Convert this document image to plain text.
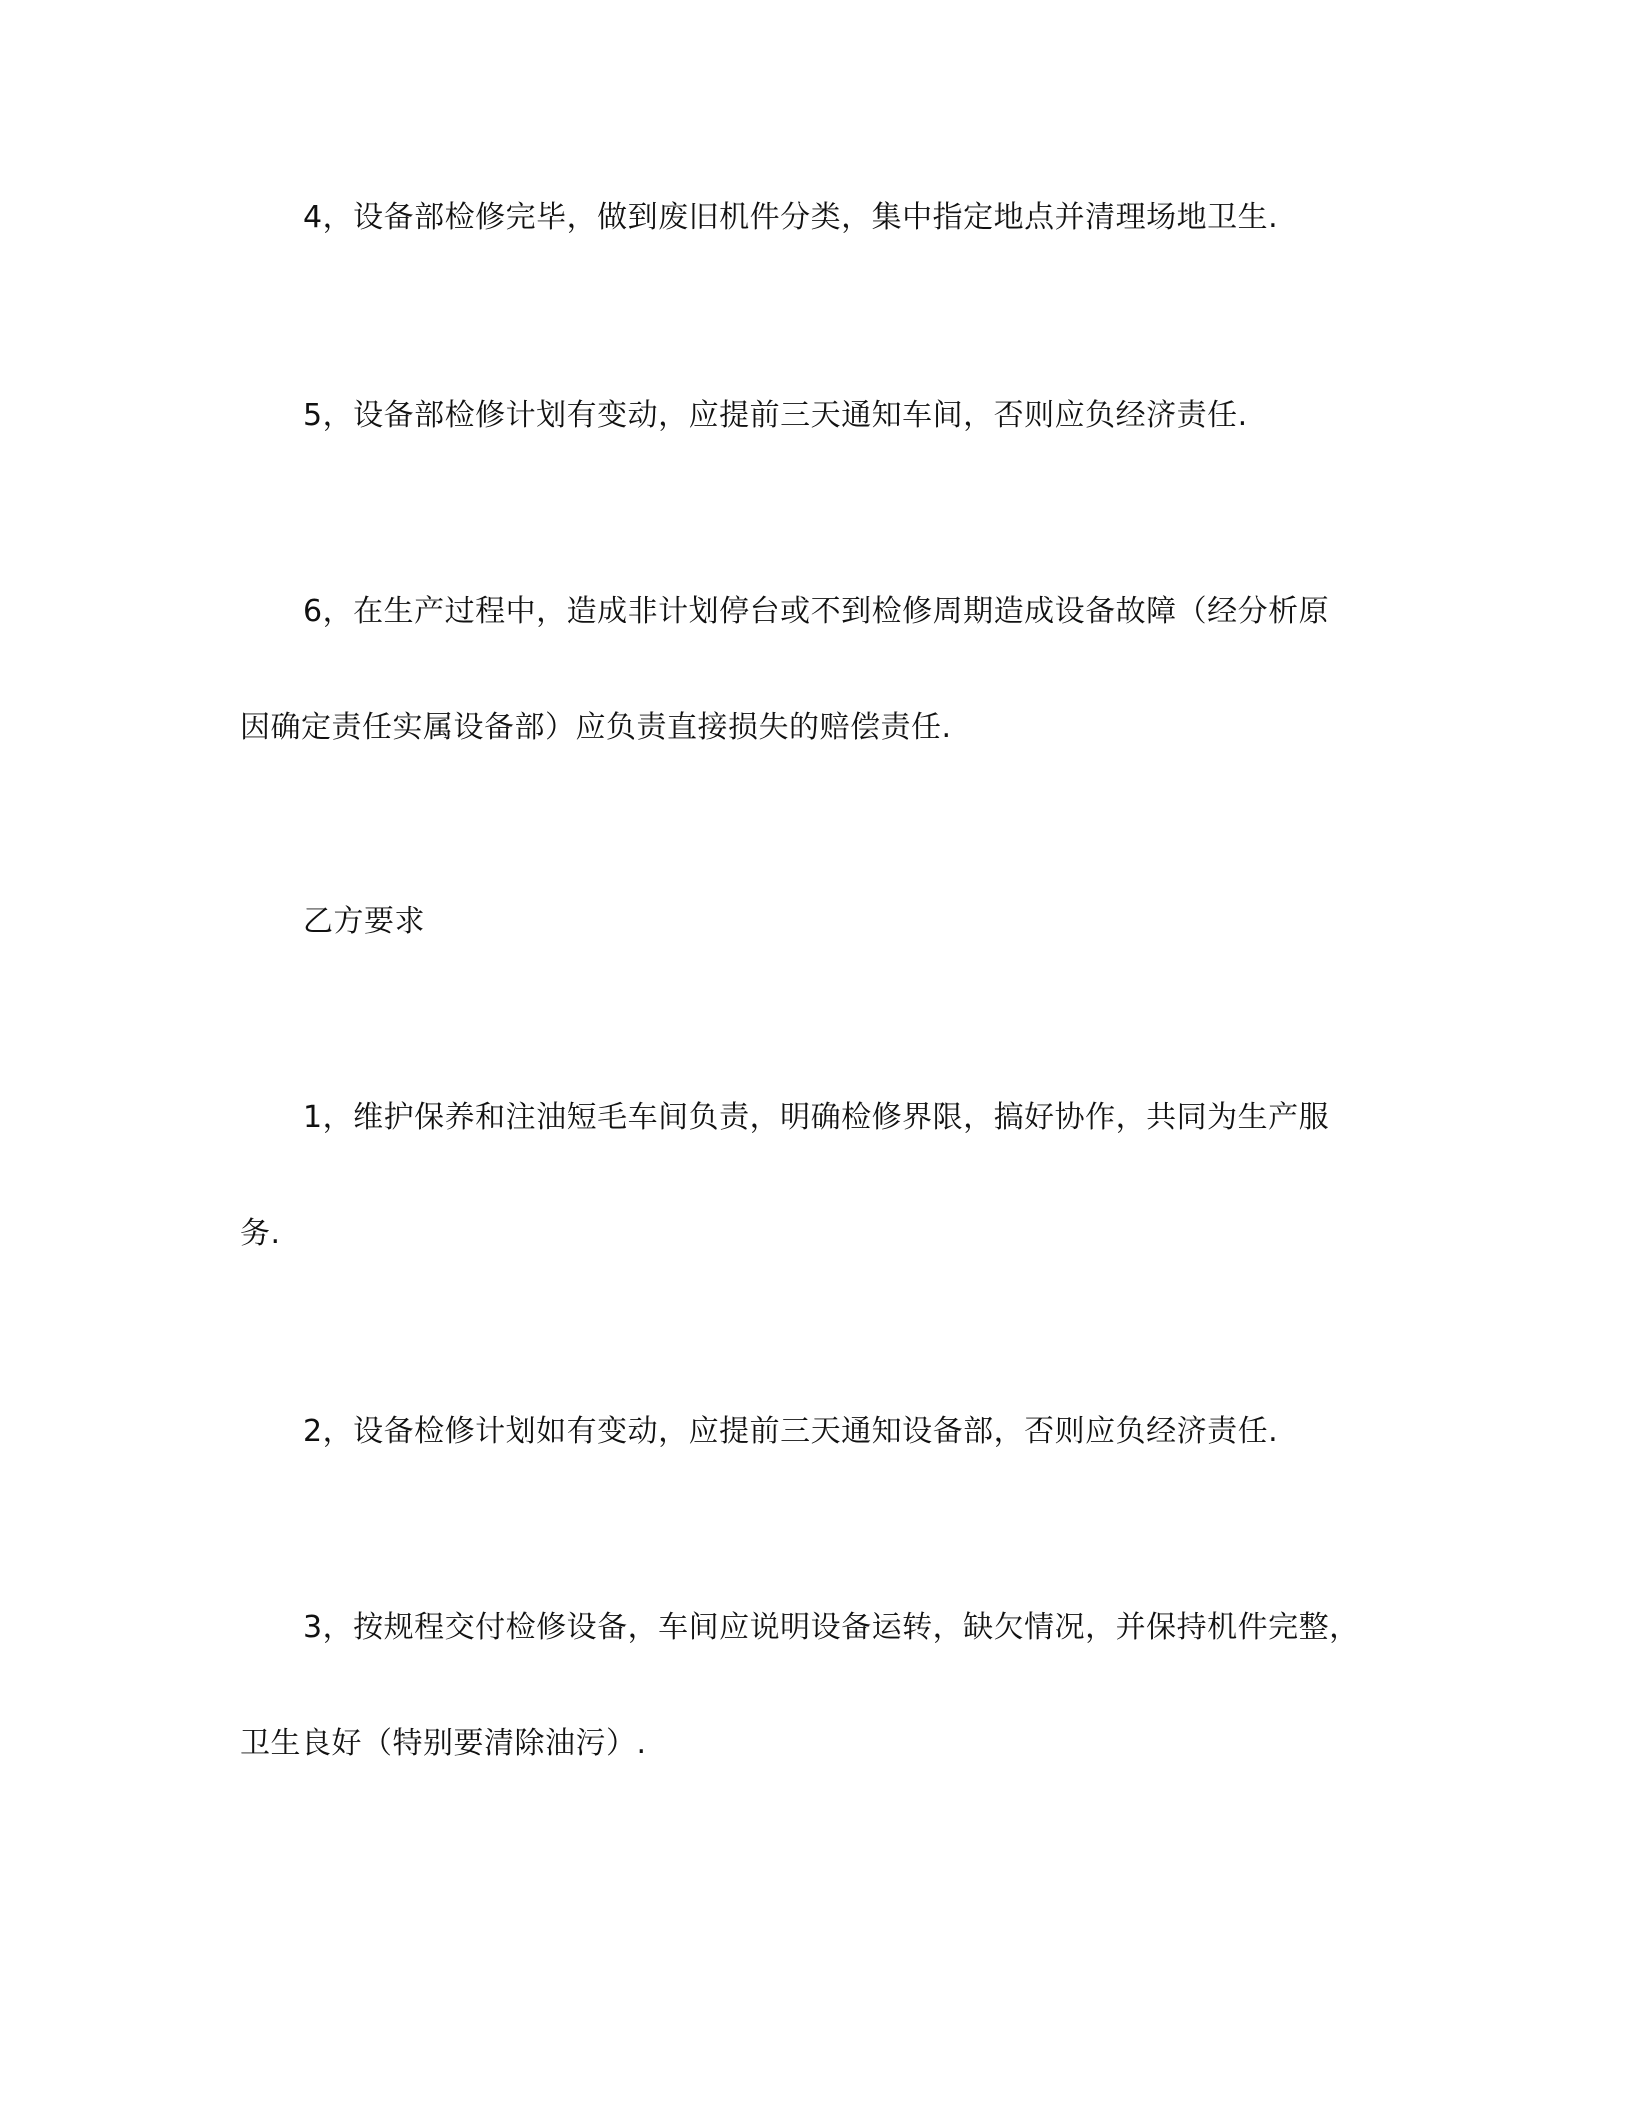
4，设备部检修完毕，做到废旧机件分类，集中指定地点并清理场地卫生.
5，设备部检修计划有变动，应提前三天通知车间，否则应负经济责任.
6，在生产过程中，造成非计划停台或不到检修周期造成设备故障（经分析原
因确定责任实属设备部）应负责直接损失的赔偿责任.
乙方要求
1，维护保养和注油短毛车间负责，明确检修界限，搞好协作，共同为生产服
务.
2，设备检修计划如有变动，应提前三天通知设备部，否则应负经济责任.
3，按规程交付检修设备，车间应说明设备运转，缺欠情况，并保持机件完整，
卫生良好（特别要清除油污）.
